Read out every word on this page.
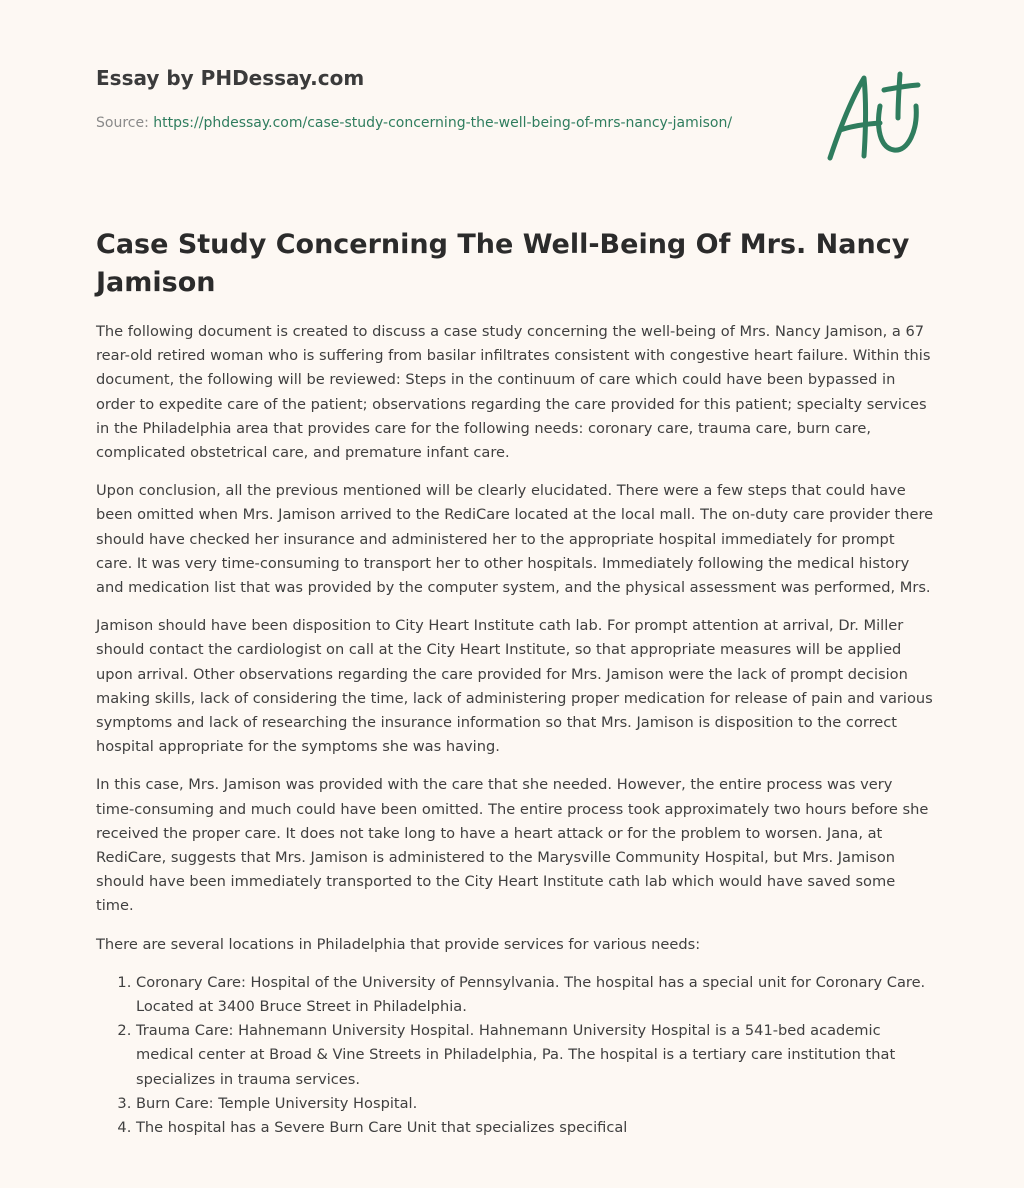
Essay by PHDessay.com
Source: https://phdessay.com/case-study-concerning-the-well-being-of-mrs-nancy-jamison/
Case Study Concerning The Well-Being Of Mrs. Nancy Jamison

The following document is created to discuss a case study concerning the well-being of Mrs. Nancy Jamison, a 67 rear-old retired woman who is suffering from basilar infiltrates consistent with congestive heart failure. Within this document, the following will be reviewed: Steps in the continuum of care which could have been bypassed in order to expedite care of the patient; observations regarding the care provided for this patient; specialty services in the Philadelphia area that provides care for the following needs: coronary care, trauma care, burn care, complicated obstetrical care, and premature infant care.

Upon conclusion, all the previous mentioned will be clearly elucidated. There were a few steps that could have been omitted when Mrs. Jamison arrived to the RediCare located at the local mall. The on-duty care provider there should have checked her insurance and administered her to the appropriate hospital immediately for prompt care. It was very time-consuming to transport her to other hospitals. Immediately following the medical history and medication list that was provided by the computer system, and the physical assessment was performed, Mrs.

Jamison should have been disposition to City Heart Institute cath lab. For prompt attention at arrival, Dr. Miller should contact the cardiologist on call at the City Heart Institute, so that appropriate measures will be applied upon arrival. Other observations regarding the care provided for Mrs. Jamison were the lack of prompt decision making skills, lack of considering the time, lack of administering proper medication for release of pain and various symptoms and lack of researching the insurance information so that Mrs. Jamison is disposition to the correct hospital appropriate for the symptoms she was having.

In this case, Mrs. Jamison was provided with the care that she needed. However, the entire process was very time-consuming and much could have been omitted. The entire process took approximately two hours before she received the proper care. It does not take long to have a heart attack or for the problem to worsen. Jana, at RediCare, suggests that Mrs. Jamison is administered to the Marysville Community Hospital, but Mrs. Jamison should have been immediately transported to the City Heart Institute cath lab which would have saved some time.

There are several locations in Philadelphia that provide services for various needs:

1. Coronary Care: Hospital of the University of Pennsylvania. The hospital has a special unit for Coronary Care. Located at 3400 Bruce Street in Philadelphia.
2. Trauma Care: Hahnemann University Hospital. Hahnemann University Hospital is a 541-bed academic medical center at Broad & Vine Streets in Philadelphia, Pa. The hospital is a tertiary care institution that specializes in trauma services.
3. Burn Care: Temple University Hospital.
4. The hospital has a Severe Burn Care Unit that specializes specifical
